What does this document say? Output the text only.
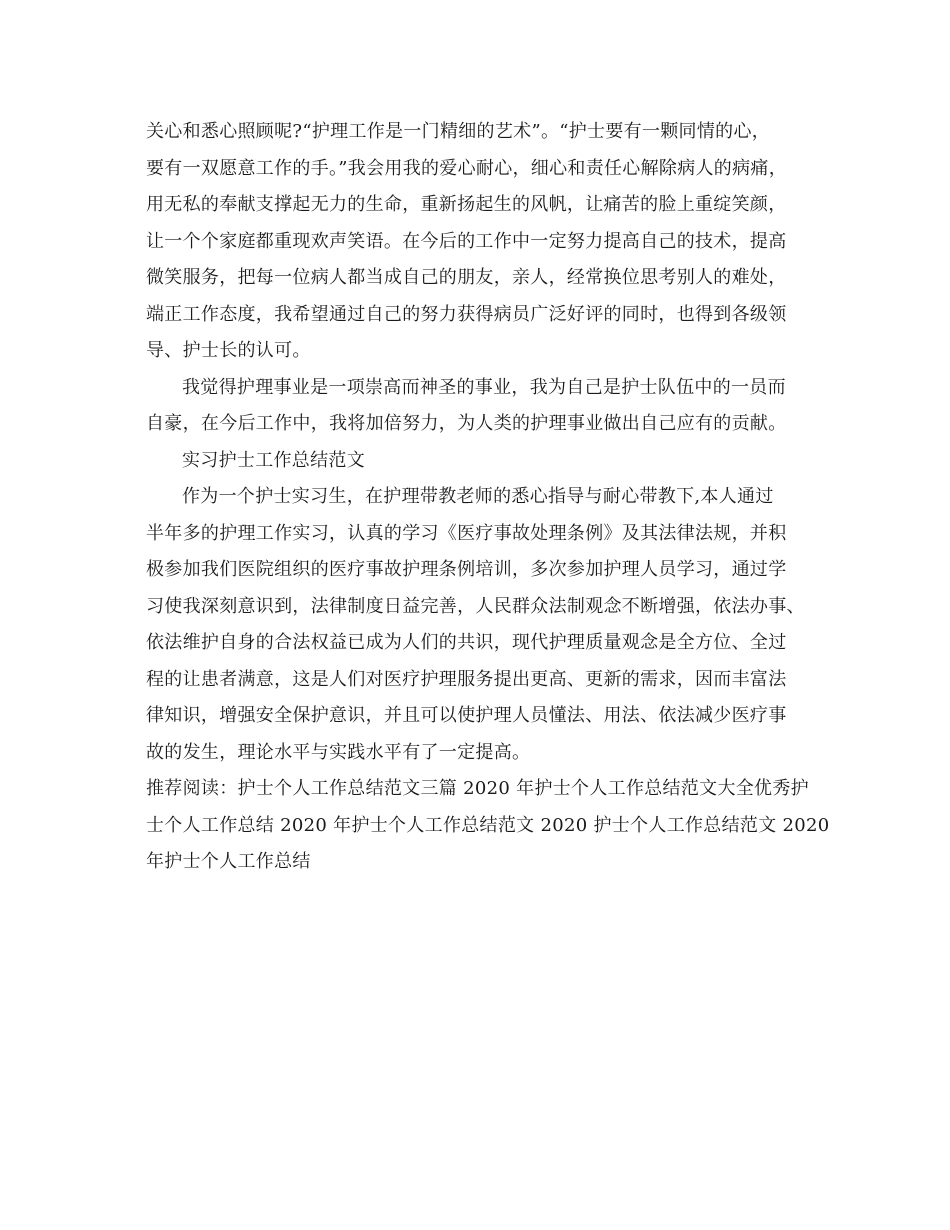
关心和悉心照顾呢?“护理工作是一门精细的艺术”。“护士要有一颗同情的心，
要有一双愿意工作的手。”我会用我的爱心耐心，细心和责任心解除病人的病痛，
用无私的奉献支撑起无力的生命，重新扬起生的风帆，让痛苦的脸上重绽笑颜，
让一个个家庭都重现欢声笑语。在今后的工作中一定努力提高自己的技术，提高
微笑服务，把每一位病人都当成自己的朋友，亲人，经常换位思考别人的难处，
端正工作态度，我希望通过自己的努力获得病员广泛好评的同时，也得到各级领
导、护士长的认可。
我觉得护理事业是一项崇高而神圣的事业，我为自己是护士队伍中的一员而
自豪，在今后工作中，我将加倍努力，为人类的护理事业做出自己应有的贡献。
实习护士工作总结范文
作为一个护士实习生，在护理带教老师的悉心指导与耐心带教下,本人通过
半年多的护理工作实习，认真的学习《医疗事故处理条例》及其法律法规，并积
极参加我们医院组织的医疗事故护理条例培训，多次参加护理人员学习，通过学
习使我深刻意识到，法律制度日益完善，人民群众法制观念不断增强，依法办事、
依法维护自身的合法权益已成为人们的共识，现代护理质量观念是全方位、全过
程的让患者满意，这是人们对医疗护理服务提出更高、更新的需求，因而丰富法
律知识，增强安全保护意识，并且可以使护理人员懂法、用法、依法减少医疗事
故的发生，理论水平与实践水平有了一定提高。
推荐阅读：护士个人工作总结范文三篇 2020 年护士个人工作总结范文大全优秀护
士个人工作总结 2020 年护士个人工作总结范文 2020 护士个人工作总结范文 2020
年护士个人工作总结
